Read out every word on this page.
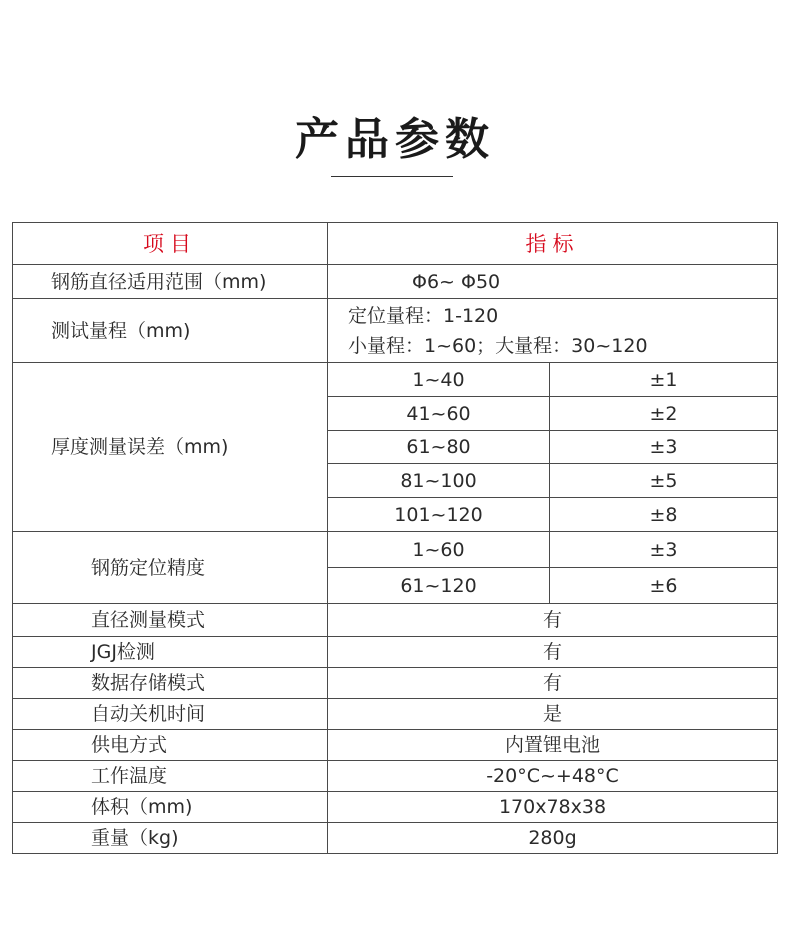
产品参数
项目	指标	
钢筋直径适用范围（mm)	Φ6~ Φ50	

测试量程（mm)	定位量程：1-120
小量程：1~60；大量程：30~120	

厚度测量误差（mm)	1~40	±1
	41~60	±2
	61~80	±3
	81~100	±5
	101~120	±8
钢筋定位精度	1~60	±3
	61~120	±6
直径测量模式	有	
JGJ检测	有	
数据存储模式	有	
自动关机时间	是	
供电方式	内置锂电池	
工作温度	-20°C~+48°C	
体积（mm)	170x78x38	
重量（kg)	280g	
